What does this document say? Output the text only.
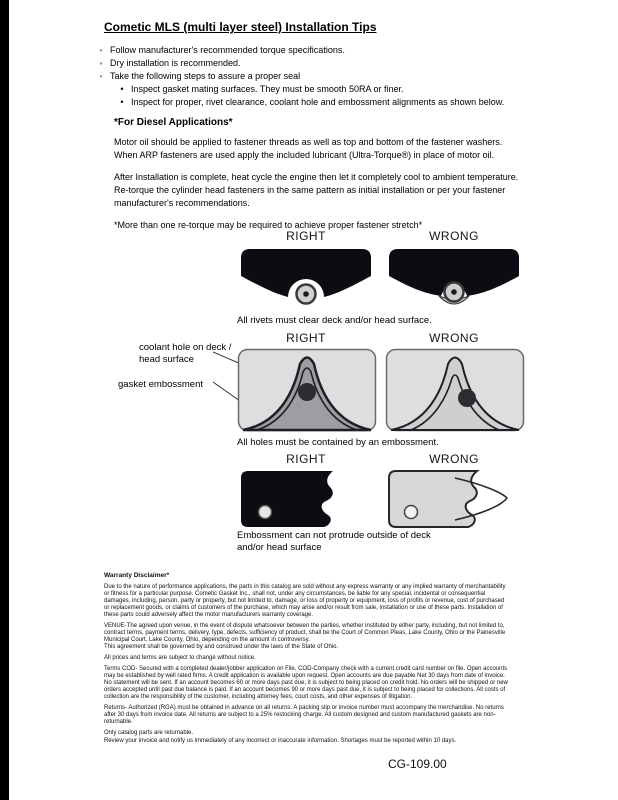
Cometic MLS (multi layer steel) Installation Tips
◦ Follow manufacturer's recommended torque specifications.
◦ Dry installation is recommended.
◦ Take the following steps to assure a proper seal
• Inspect gasket mating surfaces. They must be smooth 50RA or finer.
• Inspect for proper, rivet clearance, coolant hole and embossment alignments as shown below.
*For Diesel Applications*

Motor oil should be applied to fastener threads as well as top and bottom of the fastener washers. When ARP fasteners are used apply the included lubricant (Ultra-Torque®) in place of motor oil.

After Installation is complete, heat cycle the engine then let it completely cool to ambient temperature. Re-torque the cylinder head fasteners in the same pattern as initial installation or per your fastener manufacturer's recommendations.

*More than one re-torque may be required to achieve proper fastener stretch*

RIGHT	WRONG
All rivets must clear deck and/or head surface.
RIGHT	WRONG
coolant hole on deck / head surface
gasket embossment
All holes must be contained by an embossment.
RIGHT	WRONG
Embossment can not protrude outside of deck and/or head surface
Warranty Disclaimer*

Due to the nature of performance applications, the parts in this catalog are sold without any express warranty or any implied warranty of merchantability or fitness for a particular purpose. Cometic Gasket Inc., shall not, under any circumstances, be liable for any special, incidental or consequential damages, including, person, party or property, but not limited to, damage, or loss of property or equipment, loss of profits or revenue, cost of purchased or replacement goods, or claims of customers of the purchase, which may arise and/or result from sale, installation or use of these parts. Installation of these parts could adversely affect the motor manufacturers warranty coverage.

VENUE-The agreed upon venue, in the event of dispute whatsoever between the parties, whether instituted by either party, including, but not limited to, contract terms, payment terms, delivery, type, defects, sufficiency of product, shall be the Court of Common Pleas, Lake County, Ohio or the Painesville Municipal Court, Lake County, Ohio, depending on the amount in controversy.

This agreement shall be governed by and construed under the laws of the State of Ohio.

All prices and terms are subject to change without notice.

Terms COD- Secured with a completed dealer/jobber application on File, COD-Company check with a current credit card number on file. Open accounts may be established by well rated firms. A credit application is available upon request. Open accounts are due payable Net 30 days from date of invoice. No statement will be sent. If an account becomes 60 or more days past due, it is subject to being placed on credit hold. No orders will be shipped or new orders accepted until past due balance is paid. If an account becomes 90 or more days past due, it is subject to being placed for collections. All costs of collection are the responsibility of the customer, including attorney fees, court costs, and other expenses of litigation.

Returns- Authorized (RGA) must be obtained in advance on all returns. A packing slip or invoice number must accompany the merchandise. No returns after 30 days from invoice date. All returns are subject to a 25% restocking charge. All custom designed and custom manufactured gaskets are non-returnable.

Only catalog parts are returnable.

Review your invoice and notify us immediately of any incorrect or inaccurate information. Shortages must be reported within 10 days.

CG-109.00
